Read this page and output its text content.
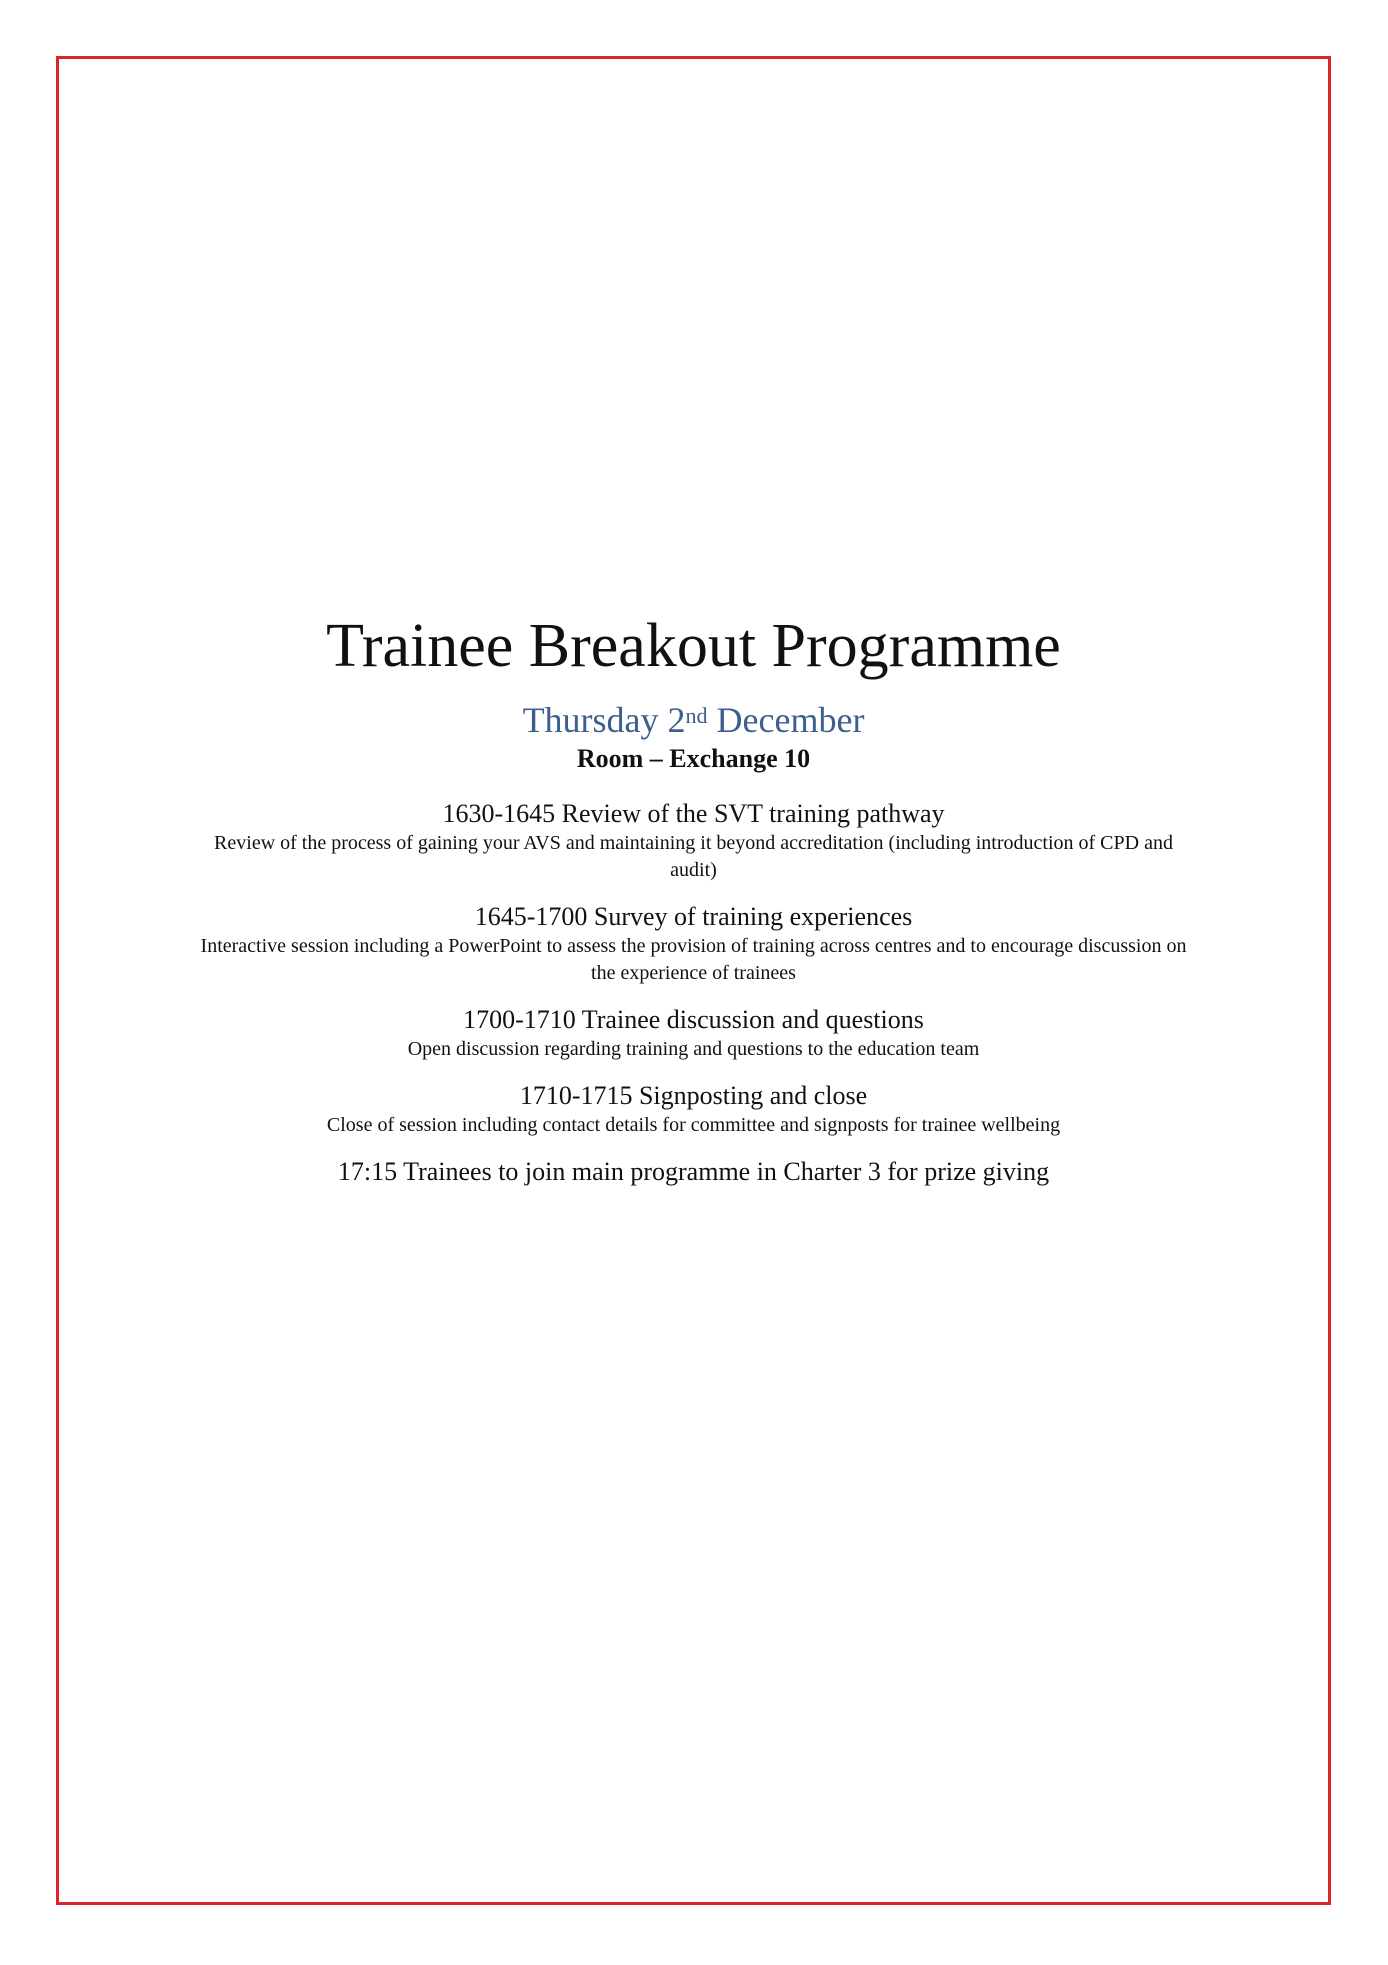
Trainee Breakout Programme
Thursday 2nd December
Room – Exchange 10
1630-1645 Review of the SVT training pathway
Review of the process of gaining your AVS and maintaining it beyond accreditation (including introduction of CPD and audit)
1645-1700 Survey of training experiences
Interactive session including a PowerPoint to assess the provision of training across centres and to encourage discussion on the experience of trainees
1700-1710 Trainee discussion and questions
Open discussion regarding training and questions to the education team
1710-1715 Signposting and close
Close of session including contact details for committee and signposts for trainee wellbeing
17:15 Trainees to join main programme in Charter 3 for prize giving
